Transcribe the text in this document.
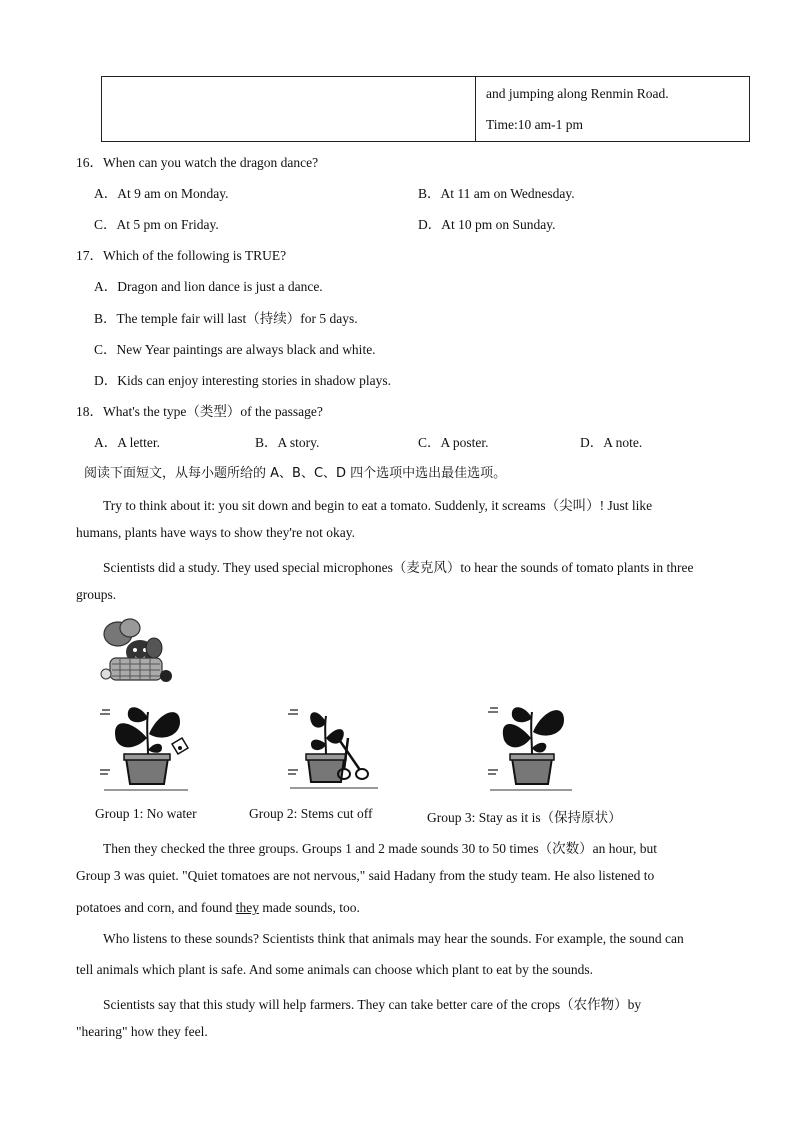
and jumping along Renmin Road.
Time:10 am-1 pm
16．When can you watch the dragon dance?
A．At 9 am on Monday.	B．At 11 am on Wednesday.
C．At 5 pm on Friday.	D．At 10 pm on Sunday.
17．Which of the following is TRUE?
A．Dragon and lion dance is just a dance.
B．The temple fair will last（持续）for 5 days.
C．New Year paintings are always black and white.
D．Kids can enjoy interesting stories in shadow plays.
18．What's the type（类型）of the passage?
A．A letter.	B．A story.	C．A poster.	D．A note.
阅读下面短文，从每小题所给的 A、B、C、D 四个选项中选出最佳选项。
Try to think about it: you sit down and begin to eat a tomato. Suddenly, it screams（尖叫）! Just like
humans, plants have ways to show they're not okay.
Scientists did a study. They used special microphones（麦克风）to hear the sounds of tomato plants in three
groups.
Group 1: No water	Group 2: Stems cut off	Group 3: Stay as it is（保持原状）
Then they checked the three groups. Groups 1 and 2 made sounds 30 to 50 times（次数）an hour, but
Group 3 was quiet. "Quiet tomatoes are not nervous," said Hadany from the study team. He also listened to
potatoes and corn, and found they made sounds, too.
Who listens to these sounds? Scientists think that animals may hear the sounds. For example, the sound can
tell animals which plant is safe. And some animals can choose which plant to eat by the sounds.
Scientists say that this study will help farmers. They can take better care of the crops（农作物）by
"hearing" how they feel.
